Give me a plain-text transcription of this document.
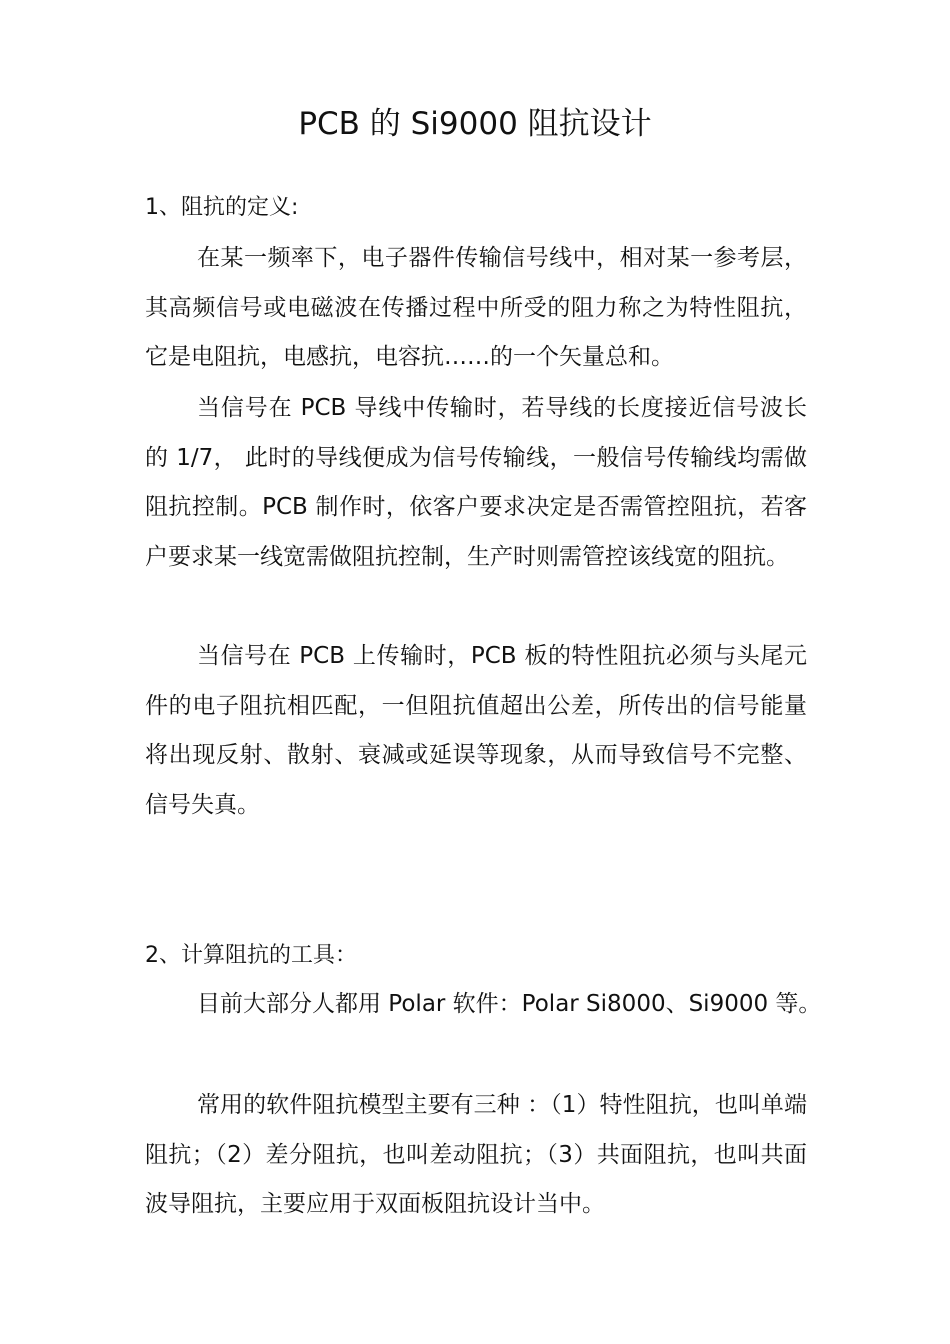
PCB 的 Si9000 阻抗设计
1、阻抗的定义:

在某一频率下，电子器件传输信号线中，相对某一参考层，其高频信号或电磁波在传播过程中所受的阻力称之为特性阻抗，它是电阻抗，电感抗，电容抗……的一个矢量总和。

当信号在 PCB 导线中传输时，若导线的长度接近信号波长的 1/7， 此时的导线便成为信号传输线，一般信号传输线均需做阻抗控制。PCB 制作时，依客户要求决定是否需管控阻抗，若客户要求某一线宽需做阻抗控制，生产时则需管控该线宽的阻抗。

当信号在 PCB 上传输时，PCB 板的特性阻抗必须与头尾元件的电子阻抗相匹配，一但阻抗值超出公差，所传出的信号能量将出现反射、散射、衰减或延误等现象，从而导致信号不完整、信号失真。

2、计算阻抗的工具：

目前大部分人都用 Polar 软件：Polar Si8000、Si9000 等。

常用的软件阻抗模型主要有三种 ：（1）特性阻抗，也叫单端阻抗；（2）差分阻抗，也叫差动阻抗；（3）共面阻抗，也叫共面波导阻抗，主要应用于双面板阻抗设计当中。
